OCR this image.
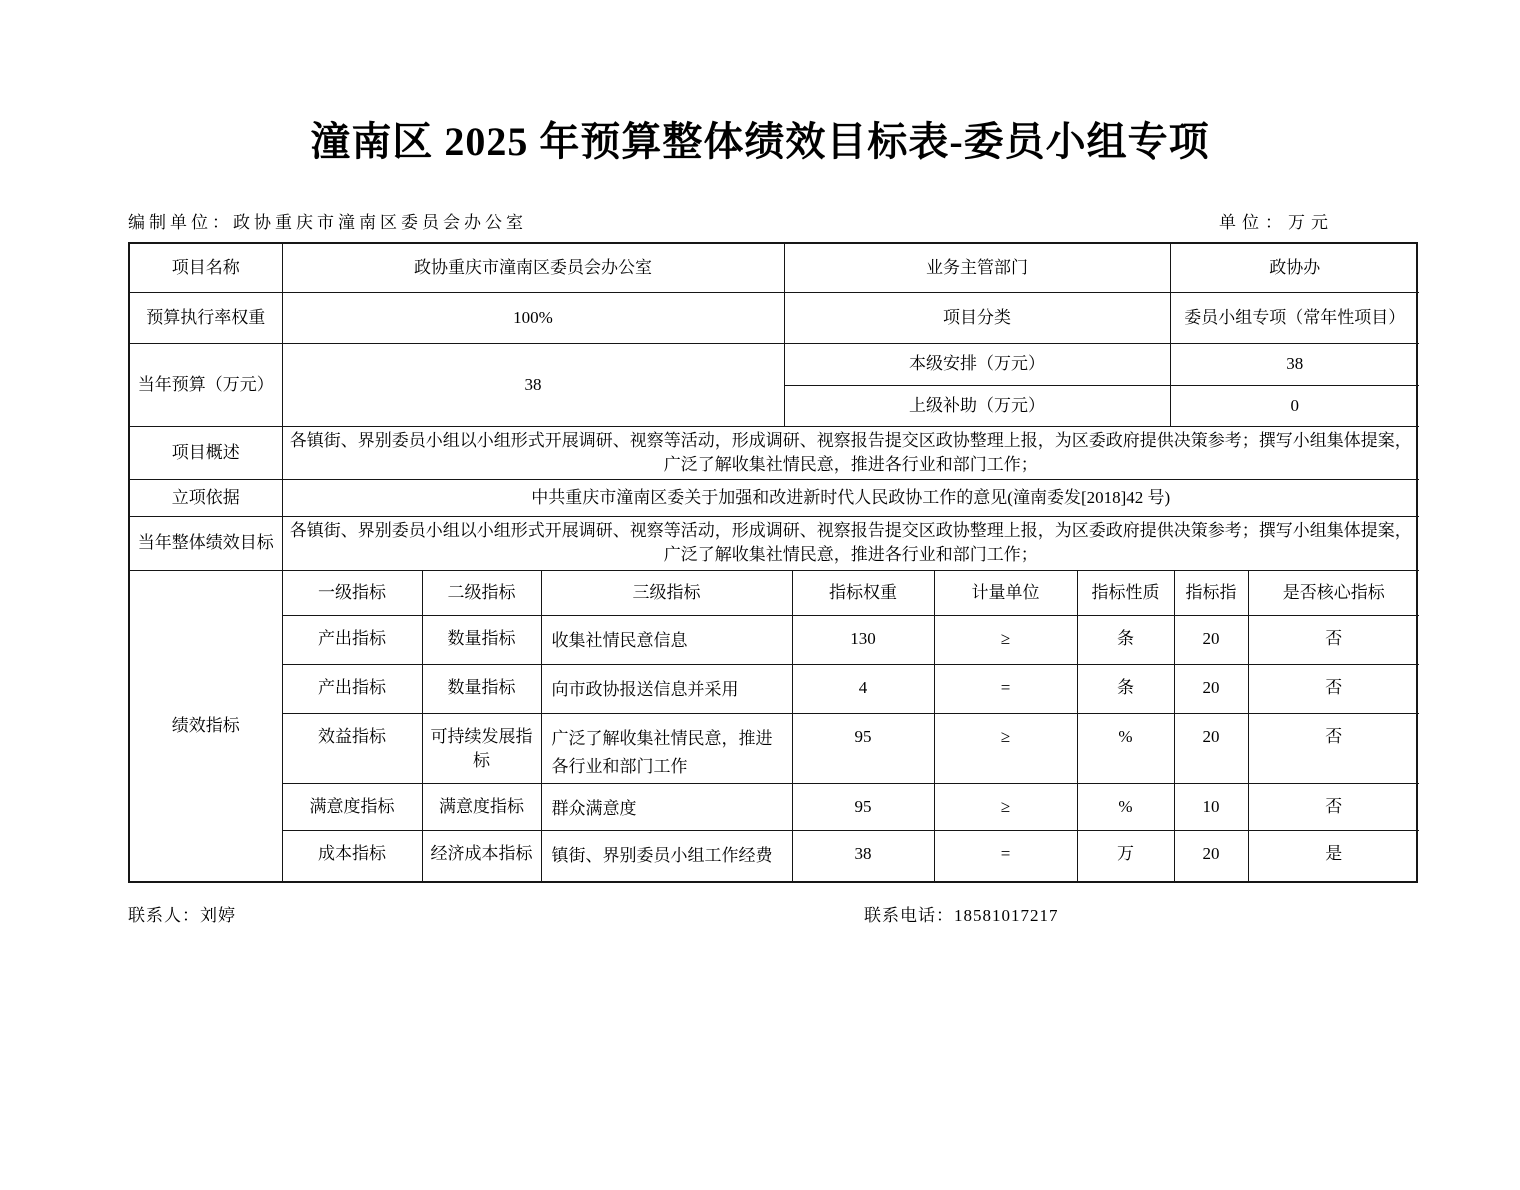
潼南区 2025 年预算整体绩效目标表-委员小组专项
编制单位：政协重庆市潼南区委员会办公室	单位：万元
项目名称	政协重庆市潼南区委员会办公室	业务主管部门	政协办
预算执行率权重	100%	项目分类	委员小组专项（常年性项目）
当年预算（万元）	38	本级安排（万元）	38
		上级补助（万元）	0
项目概述	各镇街、界别委员小组以小组形式开展调研、视察等活动，形成调研、视察报告提交区政协整理上报，为区委政府提供决策参考；撰写小组集体提案，广泛了解收集社情民意，推进各行业和部门工作；		
立项依据	中共重庆市潼南区委关于加强和改进新时代人民政协工作的意见(潼南委发[2018]42 号)		
当年整体绩效目标	各镇街、界别委员小组以小组形式开展调研、视察等活动，形成调研、视察报告提交区政协整理上报，为区委政府提供决策参考；撰写小组集体提案，广泛了解收集社情民意，推进各行业和部门工作；		
绩效指标	一级指标	二级指标	三级指标	指标权重	计量单位	指标性质	指标指	是否核心指标
	产出指标	数量指标	收集社情民意信息	130	≥	条	20	否
	产出指标	数量指标	向市政协报送信息并采用	4	=	条	20	否
	效益指标	可持续发展指标	广泛了解收集社情民意，推进各行业和部门工作	95	≥	%	20	否
	满意度指标	满意度指标	群众满意度	95	≥	%	10	否
	成本指标	经济成本指标	镇街、界别委员小组工作经费	38	=	万	20	是
联系人：刘婷	联系电话：18581017217
